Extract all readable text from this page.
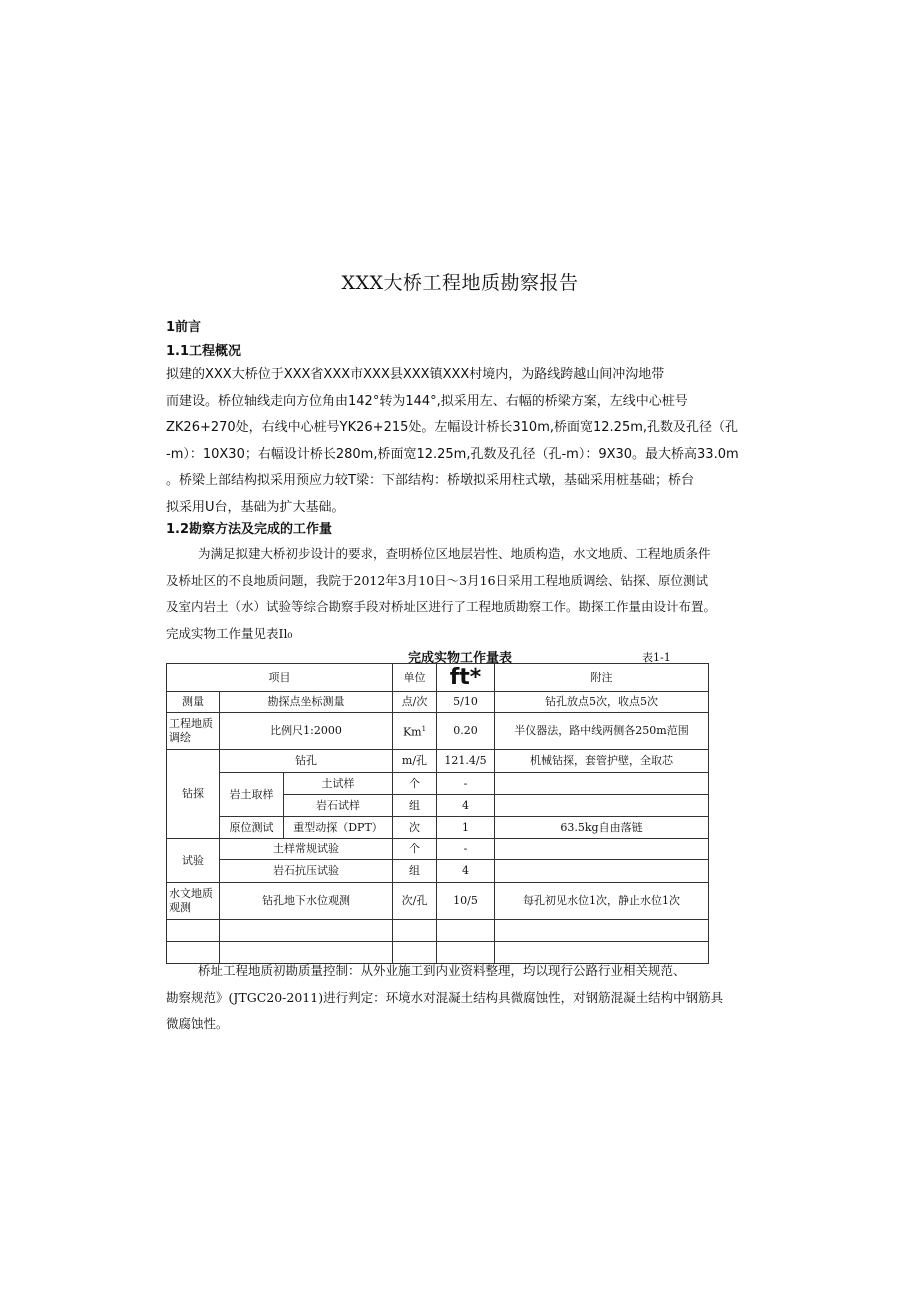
XXX大桥工程地质勘察报告
1前言
1.1工程概况
拟建的XXX大桥位于XXX省XXX市XXX县XXX镇XXX村境内，为路线跨越山间冲沟地带
而建设。桥位轴线走向方位角由142°转为144°,拟采用左、右幅的桥梁方案，左线中心桩号
ZK26+270处，右线中心桩号YK26+215处。左幅设计桥长310m,桥面宽12.25m,孔数及孔径（孔
-m）：10X30；右幅设计桥长280m,桥面宽12.25m,孔数及孔径（孔-m）：9X30。最大桥高33.0m
。桥梁上部结构拟采用预应力较T梁：下部结构：桥墩拟采用柱式墩，基础采用桩基础；桥台
拟采用U台，基础为扩大基础。
1.2勘察方法及完成的工作量
为满足拟建大桥初步设计的要求，查明桥位区地层岩性、地质构造，水文地质、工程地质条件
及桥址区的不良地质问题，我院于2012年3月10日～3月16日采用工程地质调绘、钻探、原位测试
及室内岩土（水）试验等综合勘察手段对桥址区进行了工程地质勘察工作。勘探工作量由设计布置。
完成实物工作量见表Il₀
完成实物工作量表	表1-1
项目			单位	ft*	附注
测量	勘探点坐标测量		点/次	5/10	钻孔放点5次，收点5次
工程地质调绘	比例尺1:2000		Km$^1$	0.20	半仪器法，路中线两侧各250m范围
钻探	钻孔		m/孔	121.4/5	机械钻探，套管护壁，全取芯
	岩土取样	土试样	个	-	
		岩石试样	组	4	
	原位测试	重型动探（DPT）	次	1	63.5kg自由落链
试验	土样常规试验		个	-	
	岩石抗压试验		组	4	
水文地质观测	钻孔地下水位观测		次/孔	10/5	每孔初见水位1次，静止水位1次

桥址工程地质初勘质量控制：从外业施工到内业资料整理，均以现行公路行业相关规范、
勘察规范》(JTGC20-2011)进行判定：环境水对混凝土结构具微腐蚀性，对钢筋混凝土结构中钢筋具
微腐蚀性。
